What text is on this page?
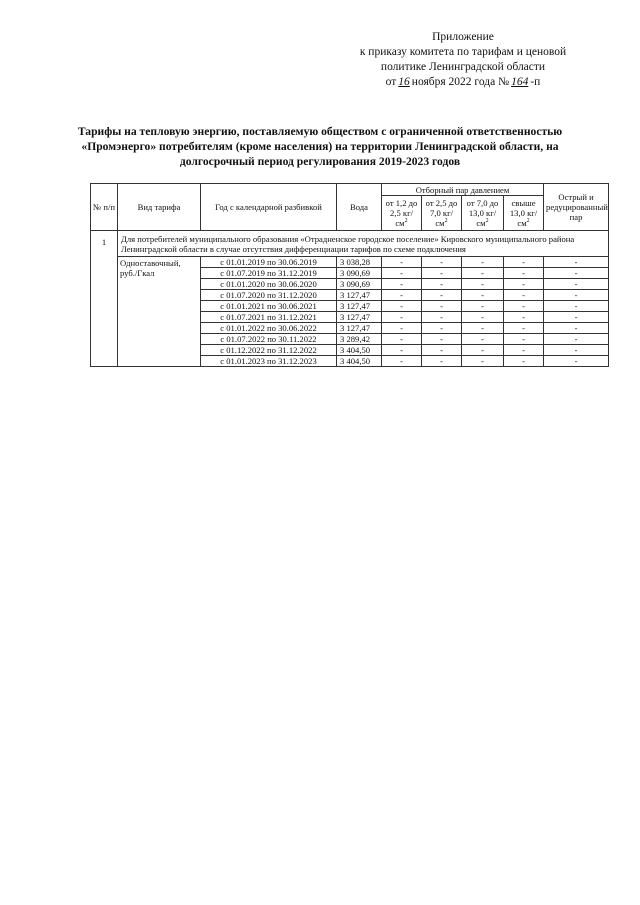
Приложение
к приказу комитета по тарифам и ценовой
политике Ленинградской области
от 16 ноября 2022 года № 164 -п
Тарифы на тепловую энергию, поставляемую обществом с ограниченной ответственностью
«Промэнерго» потребителям (кроме населения) на территории Ленинградской области, на
долгосрочный период регулирования 2019-2023 годов
№ п/п	Вид тарифа	Год с календарной разбивкой	Вода	Отборный пар давлением				Острый и редуцированный пар
				от 1,2 до 2,5 $кг/см^2$	от 2,5 до 7,0 $кг/см^2$	от 7,0 до 13,0 $кг/см^2$	свыше 13,0 $кг/см^2$
1	Для потребителей муниципального образования «Отрадненское городское поселение» Кировского муниципального района Ленинградской области в случае отсутствия дифференциации тарифов по схеме подключения							
	Одноставочный, руб./Гкал	с 01.01.2019 по 30.06.2019	3 038,28	-	-	-	-	-
		с 01.07.2019 по 31.12.2019	3 090,69	-	-	-	-	-
		с 01.01.2020 по 30.06.2020	3 090,69	-	-	-	-	-
		с 01.07.2020 по 31.12.2020	3 127,47	-	-	-	-	-
		с 01.01.2021 по 30.06.2021	3 127,47	-	-	-	-	-
		с 01.07.2021 по 31.12.2021	3 127,47	-	-	-	-	-
		с 01.01.2022 по 30.06.2022	3 127,47	-	-	-	-	-
		с 01.07.2022 по 30.11.2022	3 289,42	-	-	-	-	-
		с 01.12.2022 по 31.12.2022	3 404,50	-	-	-	-	-
		с 01.01.2023 по 31.12.2023	3 404,50	-	-	-	-	-
